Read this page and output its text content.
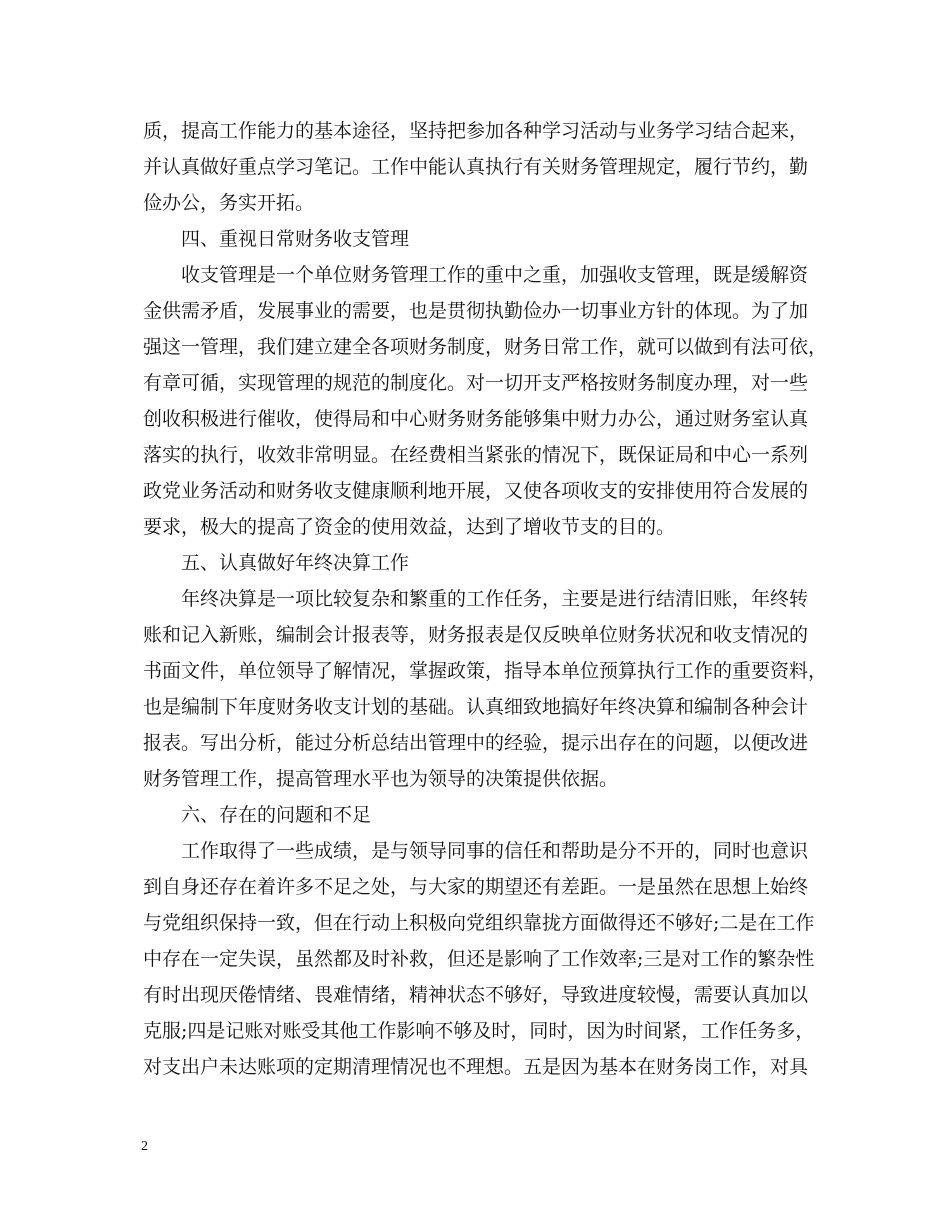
质，提高工作能力的基本途径，坚持把参加各种学习活动与业务学习结合起来，
并认真做好重点学习笔记。工作中能认真执行有关财务管理规定，履行节约，勤
俭办公，务实开拓。
四、重视日常财务收支管理
收支管理是一个单位财务管理工作的重中之重，加强收支管理，既是缓解资
金供需矛盾，发展事业的需要，也是贯彻执勤俭办一切事业方针的体现。为了加
强这一管理，我们建立建全各项财务制度，财务日常工作，就可以做到有法可依，
有章可循，实现管理的规范的制度化。对一切开支严格按财务制度办理，对一些
创收积极进行催收，使得局和中心财务财务能够集中财力办公，通过财务室认真
落实的执行，收效非常明显。在经费相当紧张的情况下，既保证局和中心一系列
政党业务活动和财务收支健康顺利地开展，又使各项收支的安排使用符合发展的
要求，极大的提高了资金的使用效益，达到了增收节支的目的。
五、认真做好年终决算工作
年终决算是一项比较复杂和繁重的工作任务，主要是进行结清旧账，年终转
账和记入新账，编制会计报表等，财务报表是仅反映单位财务状况和收支情况的
书面文件，单位领导了解情况，掌握政策，指导本单位预算执行工作的重要资料，
也是编制下年度财务收支计划的基础。认真细致地搞好年终决算和编制各种会计
报表。写出分析，能过分析总结出管理中的经验，提示出存在的问题，以便改进
财务管理工作，提高管理水平也为领导的决策提供依据。
六、存在的问题和不足
工作取得了一些成绩，是与领导同事的信任和帮助是分不开的，同时也意识
到自身还存在着许多不足之处，与大家的期望还有差距。一是虽然在思想上始终
与党组织保持一致，但在行动上积极向党组织靠拢方面做得还不够好;二是在工作
中存在一定失误，虽然都及时补救，但还是影响了工作效率;三是对工作的繁杂性
有时出现厌倦情绪、畏难情绪，精神状态不够好，导致进度较慢，需要认真加以
克服;四是记账对账受其他工作影响不够及时，同时，因为时间紧，工作任务多，
对支出户未达账项的定期清理情况也不理想。五是因为基本在财务岗工作，对具
2
